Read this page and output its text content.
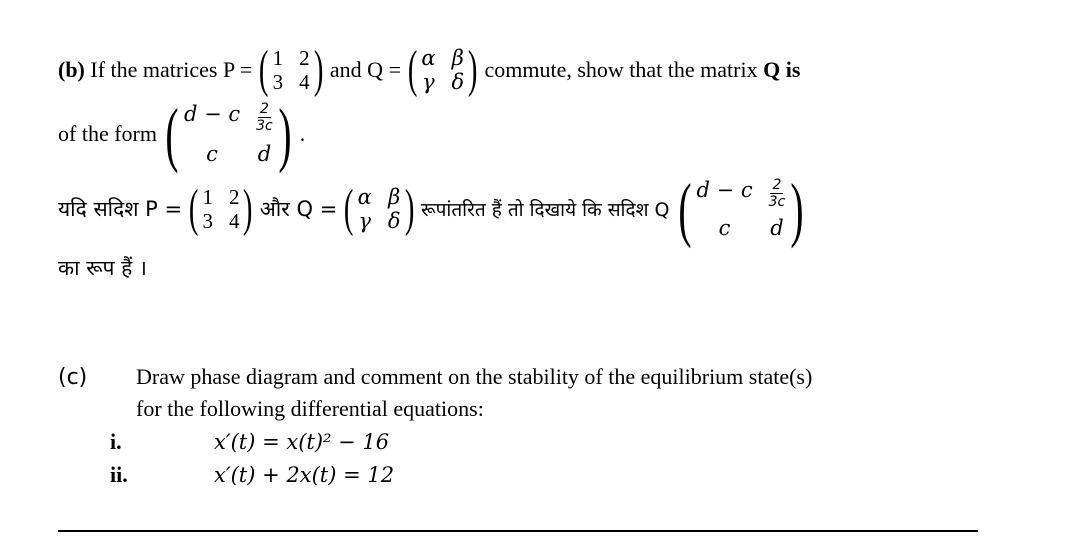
(b)
If the matrices P = ( 1 2
3 4 ) and Q = ( α β
γ δ ) commute, show that the matrix
Q is
of the form ( d − c $\frac{2}{3c}$
c	d ) .
यदि सदिश P = ( 1 2
3 4 ) और Q = ( α β
γ δ ) रूपांतरित हैं तो दिखाये कि सदिश Q ( d − c $\frac{2}{3c}$
c	d )
का रूप हैं ।
(c) Draw phase diagram and comment on the stability of the equilibrium state(s)
for the following differential equations:
i.	x′(t) = x(t)² − 16
ii.	x′(t) + 2x(t) = 12
